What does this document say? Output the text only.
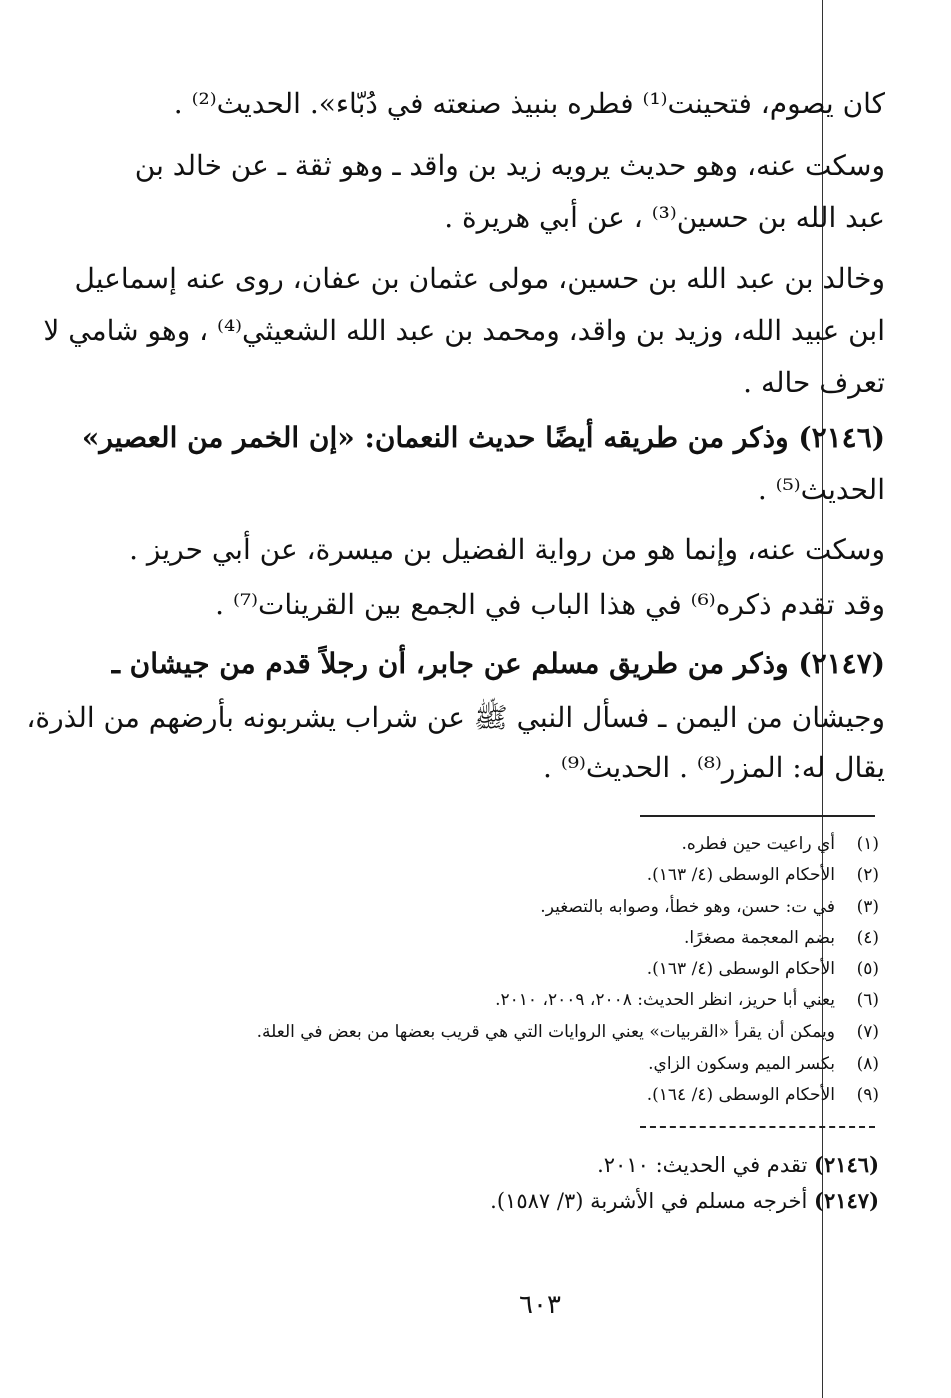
كان يصوم، فتحينت⁽¹⁾ فطره بنبيذ صنعته في دُبّاء». الحديث⁽²⁾ .
وسكت عنه، وهو حديث يرويه زيد بن واقد ـ وهو ثقة ـ عن خالد بن
عبد الله بن حسين⁽³⁾ ، عن أبي هريرة .
وخالد بن عبد الله بن حسين، مولى عثمان بن عفان، روى عنه إسماعيل
ابن عبيد الله، وزيد بن واقد، ومحمد بن عبد الله الشعيثي⁽⁴⁾ ، وهو شامي لا
تعرف حاله .
(٢١٤٦) وذكر من طريقه أيضًا حديث النعمان: «إن الخمر من العصير»
الحديث⁽⁵⁾ .
وسكت عنه، وإنما هو من رواية الفضيل بن ميسرة، عن أبي حريز .
وقد تقدم ذكره⁽⁶⁾ في هذا الباب في الجمع بين القرينات⁽⁷⁾ .
(٢١٤٧) وذكر من طريق مسلم عن جابر، أن رجلاً قدم من جيشان ـ
وجيشان من اليمن ـ فسأل النبي ﷺ عن شراب يشربونه بأرضهم من الذرة،
يقال له: المزر⁽⁸⁾ . الحديث⁽⁹⁾ .
(١)أي راعيت حين فطره.
(٢)الأحكام الوسطى (٤/ ١٦٣).
(٣)في ت: حسن، وهو خطأ، وصوابه بالتصغير.
(٤)بضم المعجمة مصغرًا.
(٥)الأحكام الوسطى (٤/ ١٦٣).
(٦)يعني أبا حريز، انظر الحديث: ٢٠٠٨، ٢٠٠٩، ٢٠١٠.
(٧)ويمكن أن يقرأ «القربيات» يعني الروايات التي هي قريب بعضها من بعض في العلة.
(٨)بكسر الميم وسكون الزاي.
(٩)الأحكام الوسطى (٤/ ١٦٤).
(٢١٤٦) تقدم في الحديث: ٢٠١٠.
(٢١٤٧) أخرجه مسلم في الأشربة (٣/ ١٥٨٧).
٦٠٣
